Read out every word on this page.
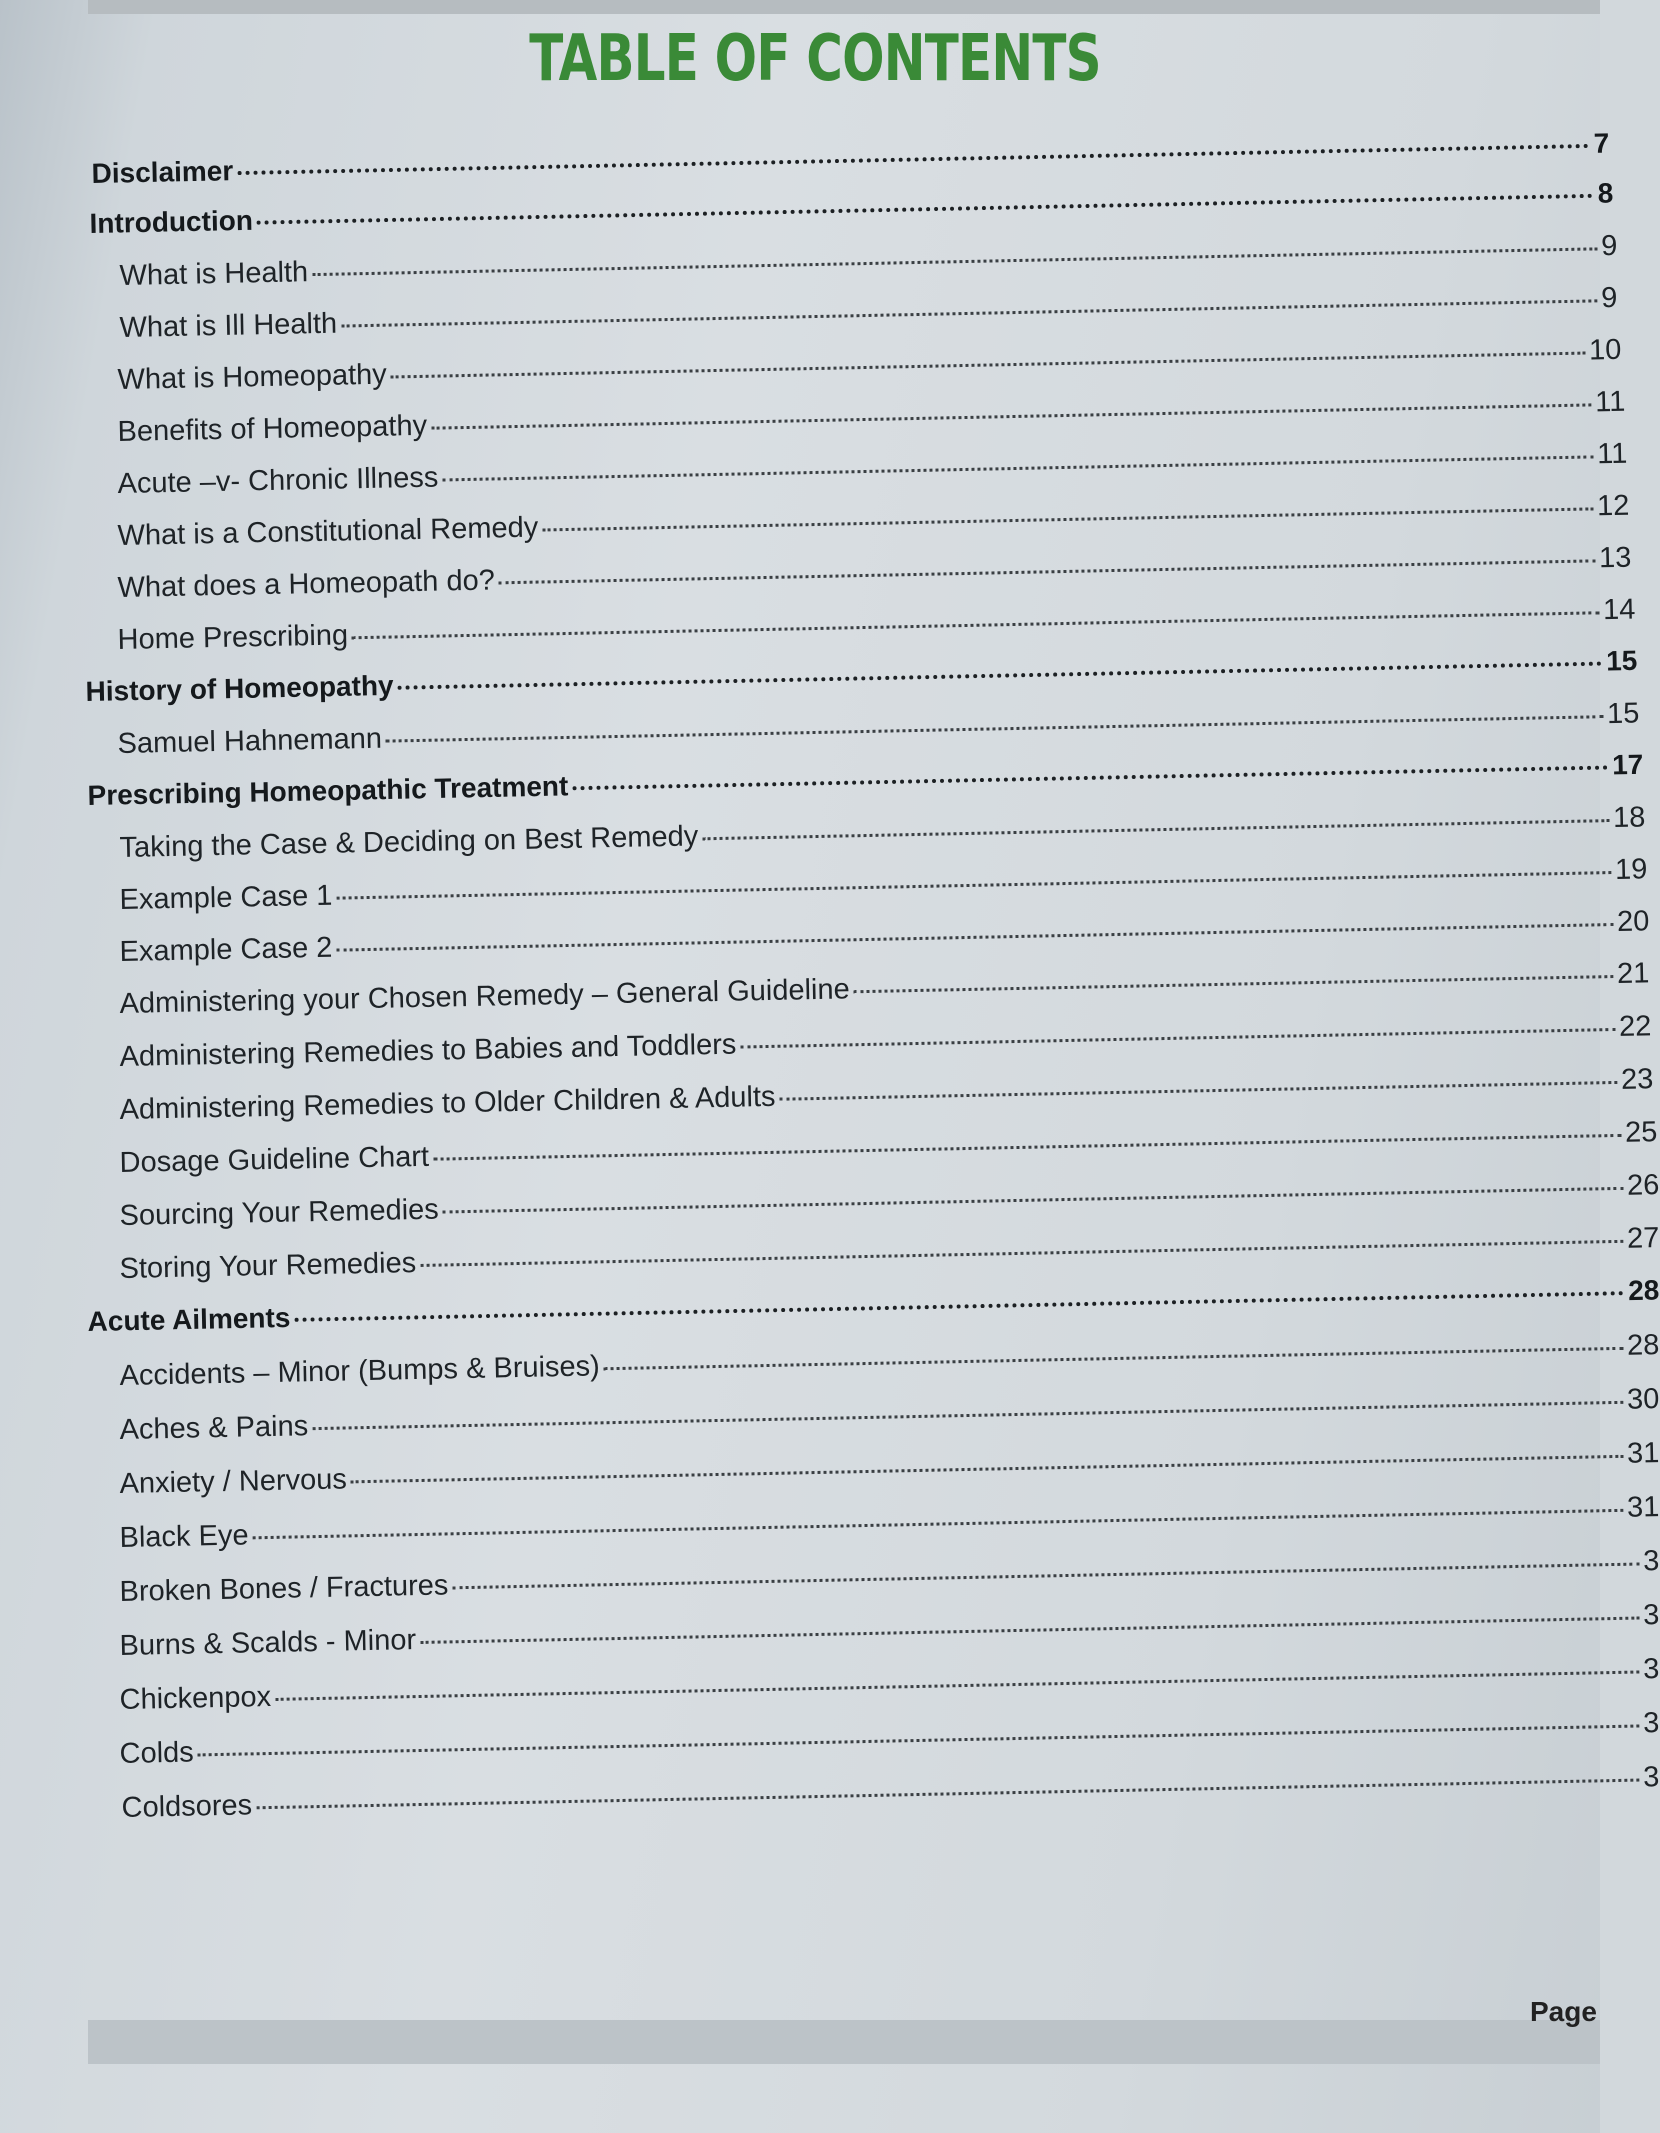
TABLE OF CONTENTS
Disclaimer
7
Introduction
8
What is Health
9
What is Ill Health
9
What is Homeopathy
10
Benefits of Homeopathy
11
Acute –v- Chronic Illness
11
What is a Constitutional Remedy
12
What does a Homeopath do?
13
Home Prescribing
14
History of Homeopathy
15
Samuel Hahnemann
15
Prescribing Homeopathic Treatment
17
Taking the Case & Deciding on Best Remedy
18
Example Case 1
19
Example Case 2
20
Administering your Chosen Remedy – General Guideline	21
Administering Remedies to Babies and Toddlers
22
Administering Remedies to Older Children & Adults
23
Dosage Guideline Chart
25
Sourcing Your Remedies
26
Storing Your Remedies
27
Acute Ailments
28
Accidents – Minor (Bumps & Bruises)
28
Aches & Pains
30
Anxiety / Nervous
31
Black Eye
31
Broken Bones / Fractures
3
Burns & Scalds - Minor
3
Chickenpox
3
Colds
3
Coldsores
3
Page
